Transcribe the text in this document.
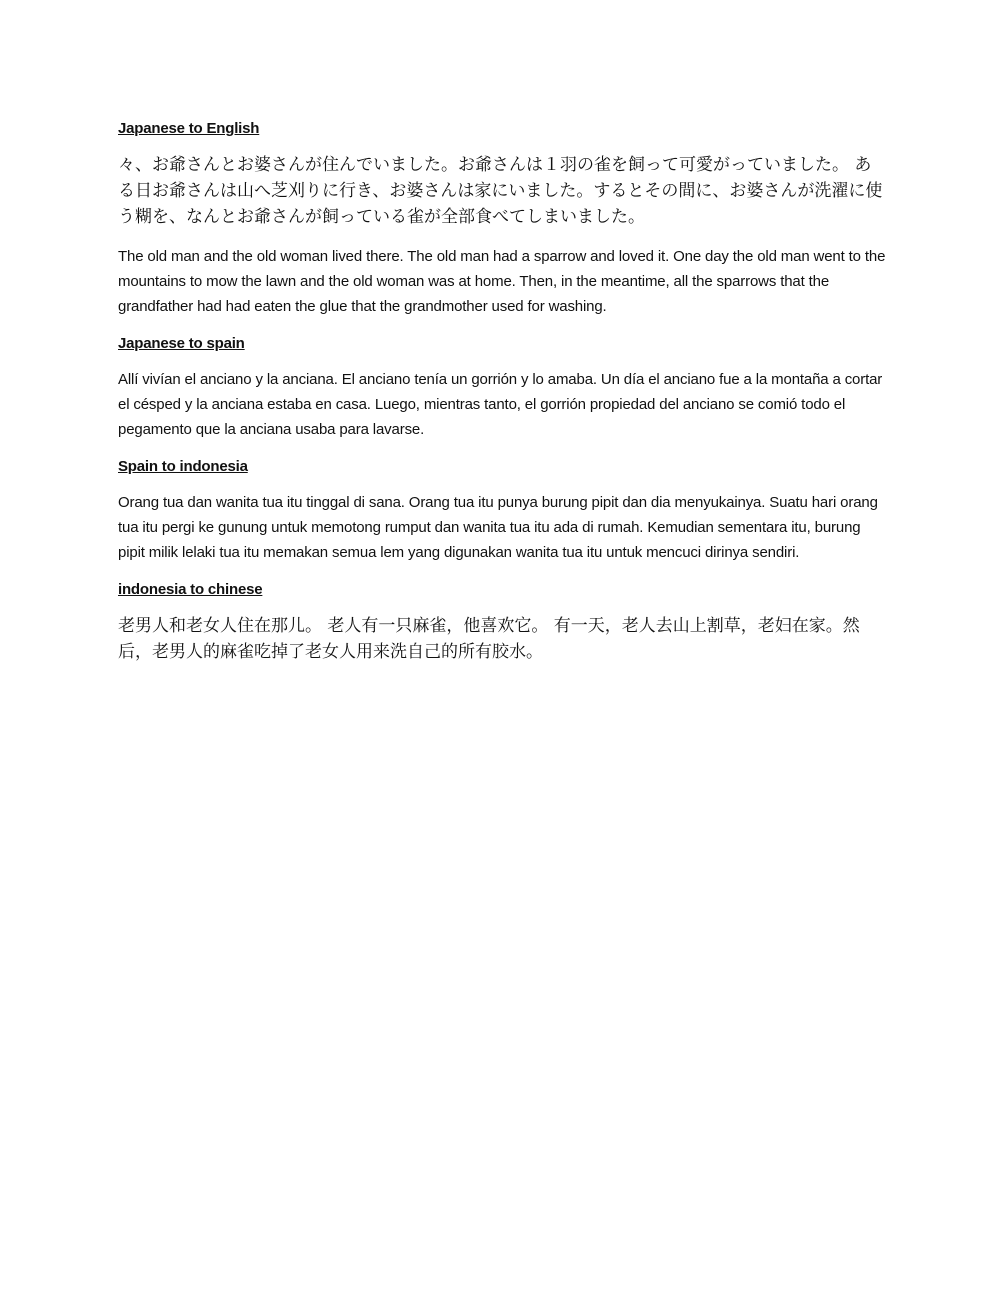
Japanese to English
々、お爺さんとお婆さんが住んでいました。お爺さんは１羽の雀を飼って可愛がっていました。 ある日お爺さんは山へ芝刈りに行き、お婆さんは家にいました。するとその間に、お婆さんが洗濯に使う糊を、なんとお爺さんが飼っている雀が全部食べてしまいました。
The old man and the old woman lived there. The old man had a sparrow and loved it. One day the old man went to the mountains to mow the lawn and the old woman was at home. Then, in the meantime, all the sparrows that the grandfather had had eaten the glue that the grandmother used for washing.
Japanese to spain
Allí vivían el anciano y la anciana. El anciano tenía un gorrión y lo amaba. Un día el anciano fue a la montaña a cortar el césped y la anciana estaba en casa. Luego, mientras tanto, el gorrión propiedad del anciano se comió todo el pegamento que la anciana usaba para lavarse.
Spain to indonesia
Orang tua dan wanita tua itu tinggal di sana. Orang tua itu punya burung pipit dan dia menyukainya. Suatu hari orang tua itu pergi ke gunung untuk memotong rumput dan wanita tua itu ada di rumah. Kemudian sementara itu, burung pipit milik lelaki tua itu memakan semua lem yang digunakan wanita tua itu untuk mencuci dirinya sendiri.
indonesia to chinese
老男人和老女人住在那儿。 老人有一只麻雀，他喜欢它。 有一天，老人去山上割草，老妇在家。然后，老男人的麻雀吃掉了老女人用来洗自己的所有胶水。
